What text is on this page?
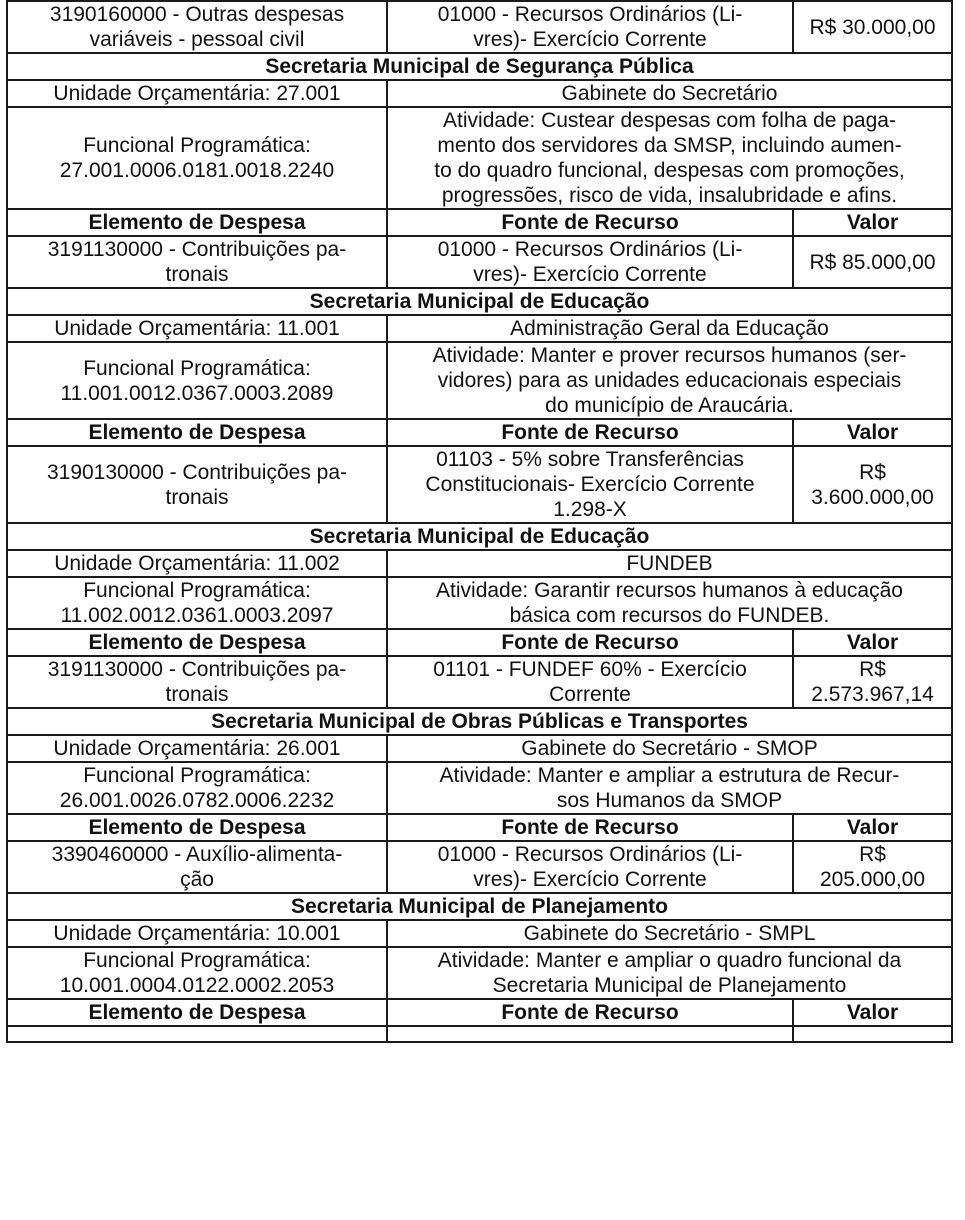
3190160000 - Outras despesas variáveis - pessoal civil	01000 - Recursos Ordinários (Li-
vres)- Exercício Corrente	R$ 30.000,00
Secretaria Municipal de Segurança Pública		
Unidade Orçamentária: 27.001	Gabinete do Secretário	
Funcional Programática:
27.001.0006.0181.0018.2240	Atividade: Custear despesas com folha de paga-
mento dos servidores da SMSP, incluindo aumen-
to do quadro funcional, despesas com promoções,
progressões, risco de vida, insalubridade e afins.	
Elemento de Despesa	Fonte de Recurso	Valor
3191130000 - Contribuições pa-
tronais	01000 - Recursos Ordinários (Li-
vres)- Exercício Corrente	R$ 85.000,00
Secretaria Municipal de Educação		
Unidade Orçamentária: 11.001	Administração Geral da Educação	
Funcional Programática:
11.001.0012.0367.0003.2089	Atividade: Manter e prover recursos humanos (ser-
vidores) para as unidades educacionais especiais
do município de Araucária.	
Elemento de Despesa	Fonte de Recurso	Valor
3190130000 - Contribuições pa-
tronais	01103 - 5% sobre Transferências
Constitucionais- Exercício Corrente
1.298-X	R$
3.600.000,00
Secretaria Municipal de Educação		
Unidade Orçamentária: 11.002	FUNDEB	
Funcional Programática:
11.002.0012.0361.0003.2097	Atividade: Garantir recursos humanos à educação
básica com recursos do FUNDEB.	
Elemento de Despesa	Fonte de Recurso	Valor
3191130000 - Contribuições pa-
tronais	01101 - FUNDEF 60% - Exercício
Corrente	R$
2.573.967,14
Secretaria Municipal de Obras Públicas e Transportes		
Unidade Orçamentária: 26.001	Gabinete do Secretário - SMOP	
Funcional Programática:
26.001.0026.0782.0006.2232	Atividade: Manter e ampliar a estrutura de Recur-
sos Humanos da SMOP	
Elemento de Despesa	Fonte de Recurso	Valor
3390460000 - Auxílio-alimenta-
ção	01000 - Recursos Ordinários (Li-
vres)- Exercício Corrente	R$
205.000,00
Secretaria Municipal de Planejamento		
Unidade Orçamentária: 10.001	Gabinete do Secretário - SMPL	
Funcional Programática:
10.001.0004.0122.0002.2053	Atividade: Manter e ampliar o quadro funcional da
Secretaria Municipal de Planejamento	
Elemento de Despesa	Fonte de Recurso	Valor
